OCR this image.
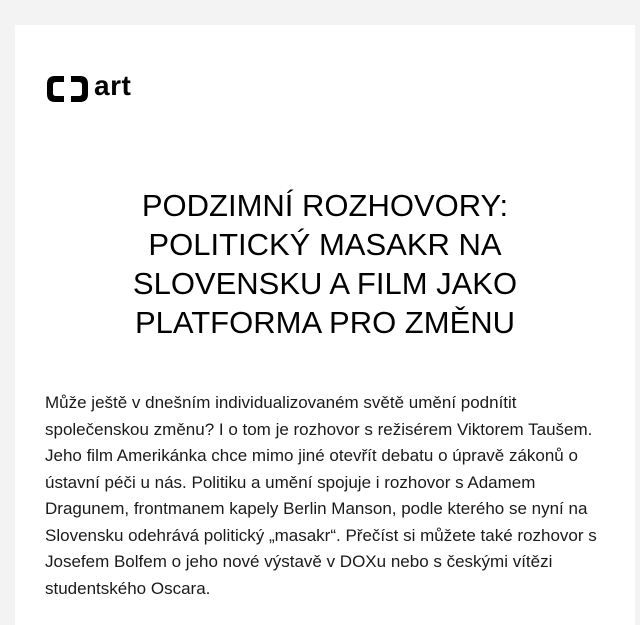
art
PODZIMNÍ ROZHOVORY: POLITICKÝ MASAKR NA SLOVENSKU A FILM JAKO PLATFORMA PRO ZMĚNU

Může ještě v dnešním individualizovaném světě umění podnítit společenskou změnu? I o tom je rozhovor s režisérem Viktorem Taušem. Jeho film Amerikánka chce mimo jiné otevřít debatu o úpravě zákonů o ústavní péči u nás. Politiku a umění spojuje i rozhovor s Adamem Dragunem, frontmanem kapely Berlin Manson, podle kterého se nyní na Slovensku odehrává politický „masakr“. Přečíst si můžete také rozhovor s Josefem Bolfem o jeho nové výstavě v DOXu nebo s českými vítězi studentského Oscara.
